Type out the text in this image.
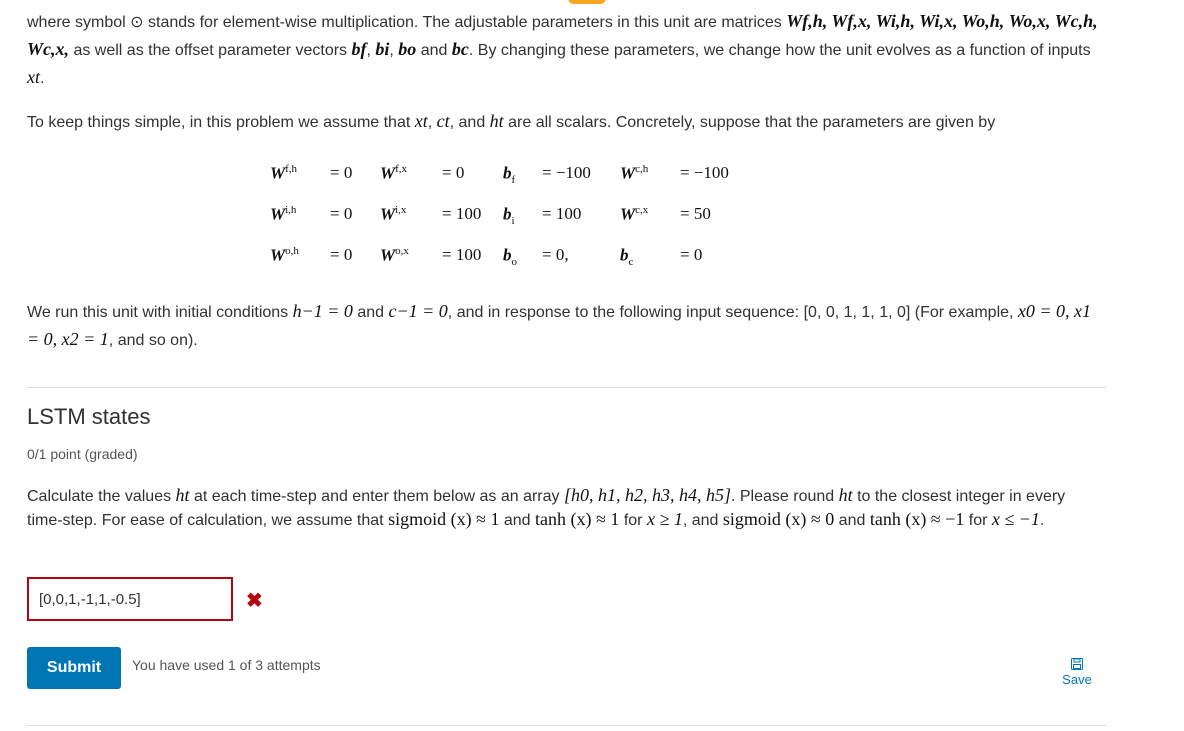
where symbol ⊙ stands for element-wise multiplication. The adjustable parameters in this unit are matrices Wf,h, Wf,x, Wi,h, Wi,x, Wo,h, Wo,x, Wc,h, Wc,x, as well as the offset parameter vectors bf, bi, bo and bc. By changing these parameters, we change how the unit evolves as a function of inputs xt.
To keep things simple, in this problem we assume that xt, ct, and ht are all scalars. Concretely, suppose that the parameters are given by
W$^{f,h}$ = 0 W$^{f,x}$ = 0 $b_f = -100$ W$^{c,h}$ = −100
W$^{i,h}$ = 0 W$^{i,x}$ = 100 $b_i = 100$ W$^{c,x}$ = 50
W$^{o,h}$ = 0 W$^{o,x}$ = 100 $b_o = 0$,	$b_c$	= 0
We run this unit with initial conditions h−1 = 0 and c−1 = 0, and in response to the following input sequence: [0, 0, 1, 1, 1, 0] (For example, x0 = 0, x1 = 0, x2 = 1, and so on).
LSTM states
0/1 point (graded)
Calculate the values ht at each time-step and enter them below as an array [h0, h1, h2, h3, h4, h5]. Please round ht to the closest integer in every time-step. For ease of calculation, we assume that sigmoid (x) ≈ 1 and tanh (x) ≈ 1 for x ≥ 1, and sigmoid (x) ≈ 0 and tanh (x) ≈ −1 for x ≤ −1.
[0,0,1,-1,1,-0.5]
✖
Submit	You have used 1 of 3 attempts
Save
